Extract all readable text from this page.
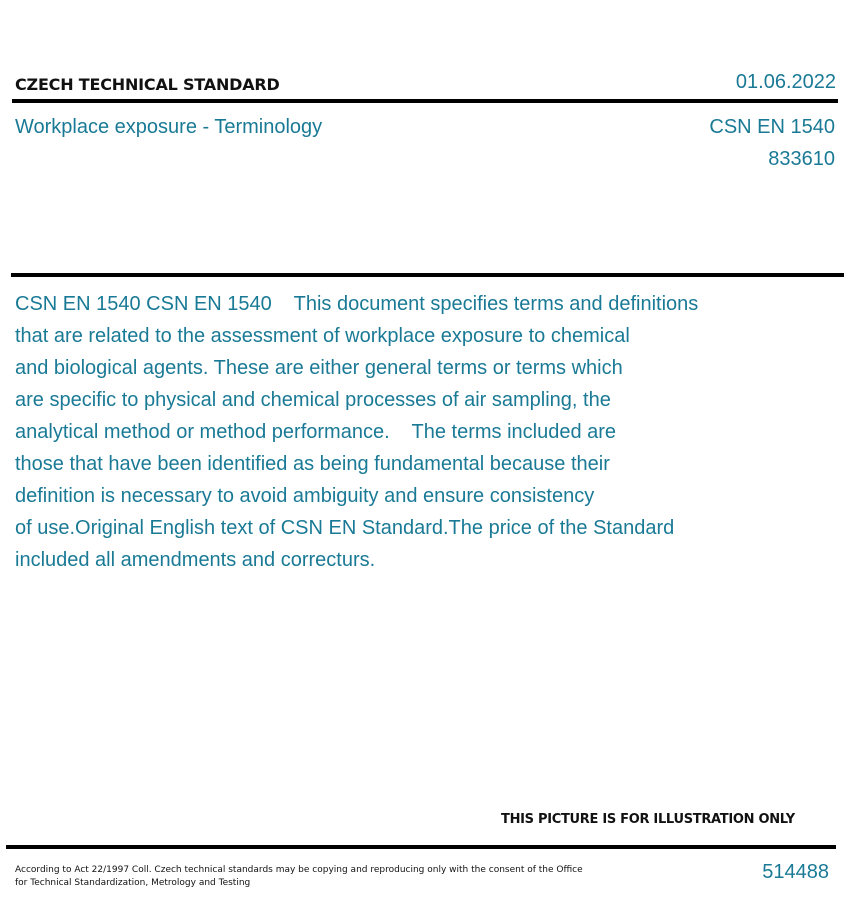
CZECH TECHNICAL STANDARD	01.06.2022
Workplace exposure - Terminology	CSN EN 1540
833610
CSN EN 1540 CSN EN 1540    This document specifies terms and definitions
that are related to the assessment of workplace exposure to chemical
and biological agents. These are either general terms or terms which
are specific to physical and chemical processes of air sampling, the
analytical method or method performance.    The terms included are
those that have been identified as being fundamental because their
definition is necessary to avoid ambiguity and ensure consistency
of use.Original English text of CSN EN Standard.The price of the Standard
included all amendments and correcturs.
THIS PICTURE IS FOR ILLUSTRATION ONLY
According to Act 22/1997 Coll. Czech technical standards may be copying and reproducing only with the consent of the Office
for Technical Standardization, Metrology and Testing	514488
